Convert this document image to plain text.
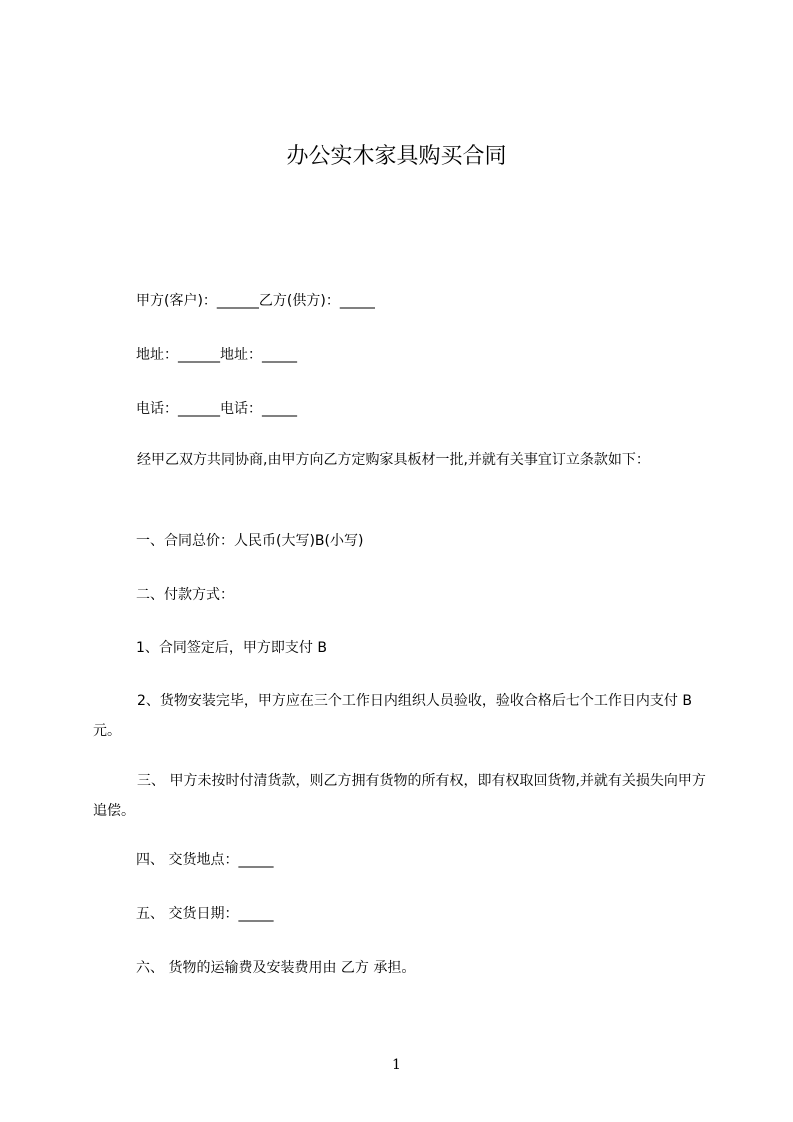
办公实木家具购买合同
甲方(客户)：______乙方(供方)：_____
地址：______地址：_____
电话：______电话：_____
经甲乙双方共同协商,由甲方向乙方定购家具板材一批,并就有关事宜订立条款如下：
一、合同总价：人民币(大写)B(小写)
二、付款方式：
1、合同签定后，甲方即支付 B
2、货物安装完毕，甲方应在三个工作日内组织人员验收，验收合格后七个工作日内支付 B 元。
三、 甲方未按时付清货款，则乙方拥有货物的所有权，即有权取回货物,并就有关损失向甲方追偿。
四、 交货地点：_____
五、 交货日期：_____
六、 货物的运输费及安装费用由 乙方 承担。
1
